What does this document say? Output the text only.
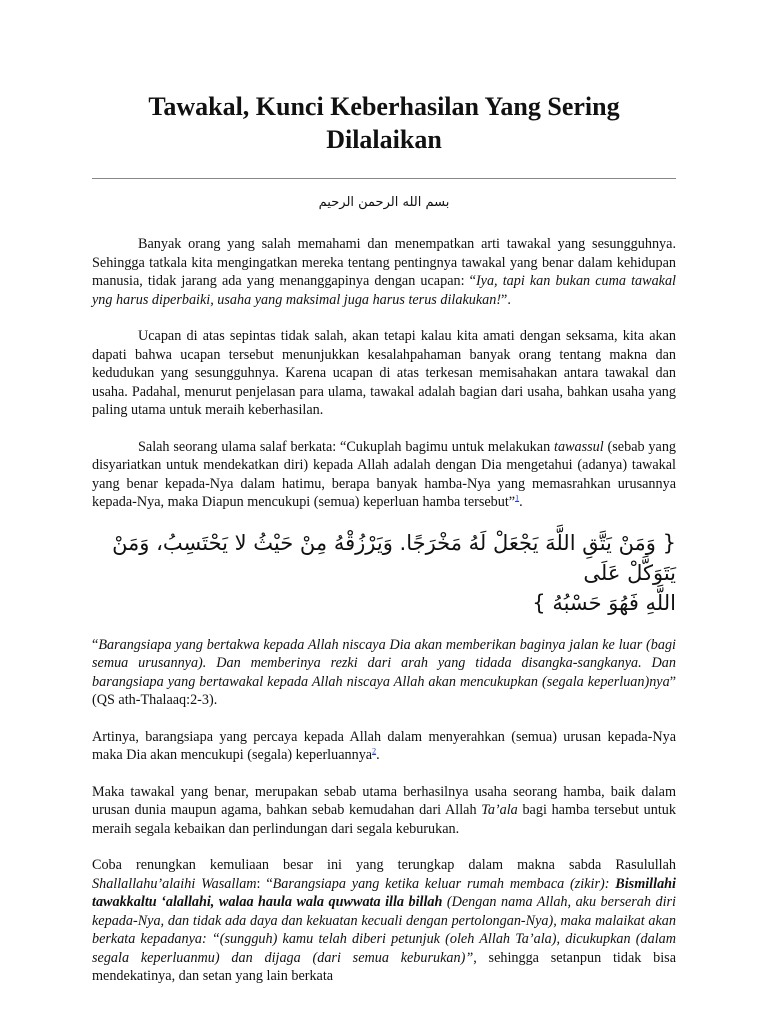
Tawakal, Kunci Keberhasilan Yang Sering Dilalaikan
بسم الله الرحمن الرحيم

Banyak orang yang salah memahami dan menempatkan arti tawakal yang sesungguhnya. Sehingga tatkala kita mengingatkan mereka tentang pentingnya tawakal yang benar dalam kehidupan manusia, tidak jarang ada yang menanggapinya dengan ucapan: “Iya, tapi kan bukan cuma tawakal yng harus diperbaiki, usaha yang maksimal juga harus terus dilakukan!”.

Ucapan di atas sepintas tidak salah, akan tetapi kalau kita amati dengan seksama, kita akan dapati bahwa ucapan tersebut menunjukkan kesalahpahaman banyak orang tentang makna dan kedudukan yang sesungguhnya. Karena ucapan di atas terkesan memisahakan antara tawakal dan usaha. Padahal, menurut penjelasan para ulama, tawakal adalah bagian dari usaha, bahkan usaha yang paling utama untuk meraih keberhasilan.

Salah seorang ulama salaf berkata: “Cukuplah bagimu untuk melakukan tawassul (sebab yang disyariatkan untuk mendekatkan diri) kepada Allah adalah dengan Dia mengetahui (adanya) tawakal yang benar kepada-Nya dalam hatimu, berapa banyak hamba-Nya yang memasrahkan urusannya kepada-Nya, maka Diapun mencukupi (semua) keperluan hamba tersebut”$^1$.

{ وَمَنْ يَتَّقِ اللَّهَ يَجْعَلْ لَهُ مَخْرَجًا. وَيَرْزُقْهُ مِنْ حَيْثُ لا يَحْتَسِبُ، وَمَنْ يَتَوَكَّلْ عَلَى
اللَّهِ فَهُوَ حَسْبُهُ }

“Barangsiapa yang bertakwa kepada Allah niscaya Dia akan memberikan baginya jalan ke luar (bagi semua urusannya). Dan memberinya rezki dari arah yang tidada disangka-sangkanya. Dan barangsiapa yang bertawakal kepada Allah niscaya Allah akan mencukupkan (segala keperluan)nya” (QS ath-Thalaaq:2-3).

Artinya, barangsiapa yang percaya kepada Allah dalam menyerahkan (semua) urusan kepada-Nya maka Dia akan mencukupi (segala) keperluannya$^2$.

Maka tawakal yang benar, merupakan sebab utama berhasilnya usaha seorang hamba, baik dalam urusan dunia maupun agama, bahkan sebab kemudahan dari Allah Ta’ala bagi hamba tersebut untuk meraih segala kebaikan dan perlindungan dari segala keburukan.

Coba renungkan kemuliaan besar ini yang terungkap dalam makna sabda Rasulullah Shallallahu’alaihi Wasallam: “Barangsiapa yang ketika keluar rumah membaca (zikir): Bismillahi tawakkaltu ‘alallahi, walaa haula wala quwwata illa billah (Dengan nama Allah, aku berserah diri kepada-Nya, dan tidak ada daya dan kekuatan kecuali dengan pertolongan-Nya), maka malaikat akan berkata kepadanya: “(sungguh) kamu telah diberi petunjuk (oleh Allah Ta’ala), dicukupkan (dalam segala keperluanmu) dan dijaga (dari semua keburukan)”, sehingga setanpun tidak bisa mendekatinya, dan setan yang lain berkata
